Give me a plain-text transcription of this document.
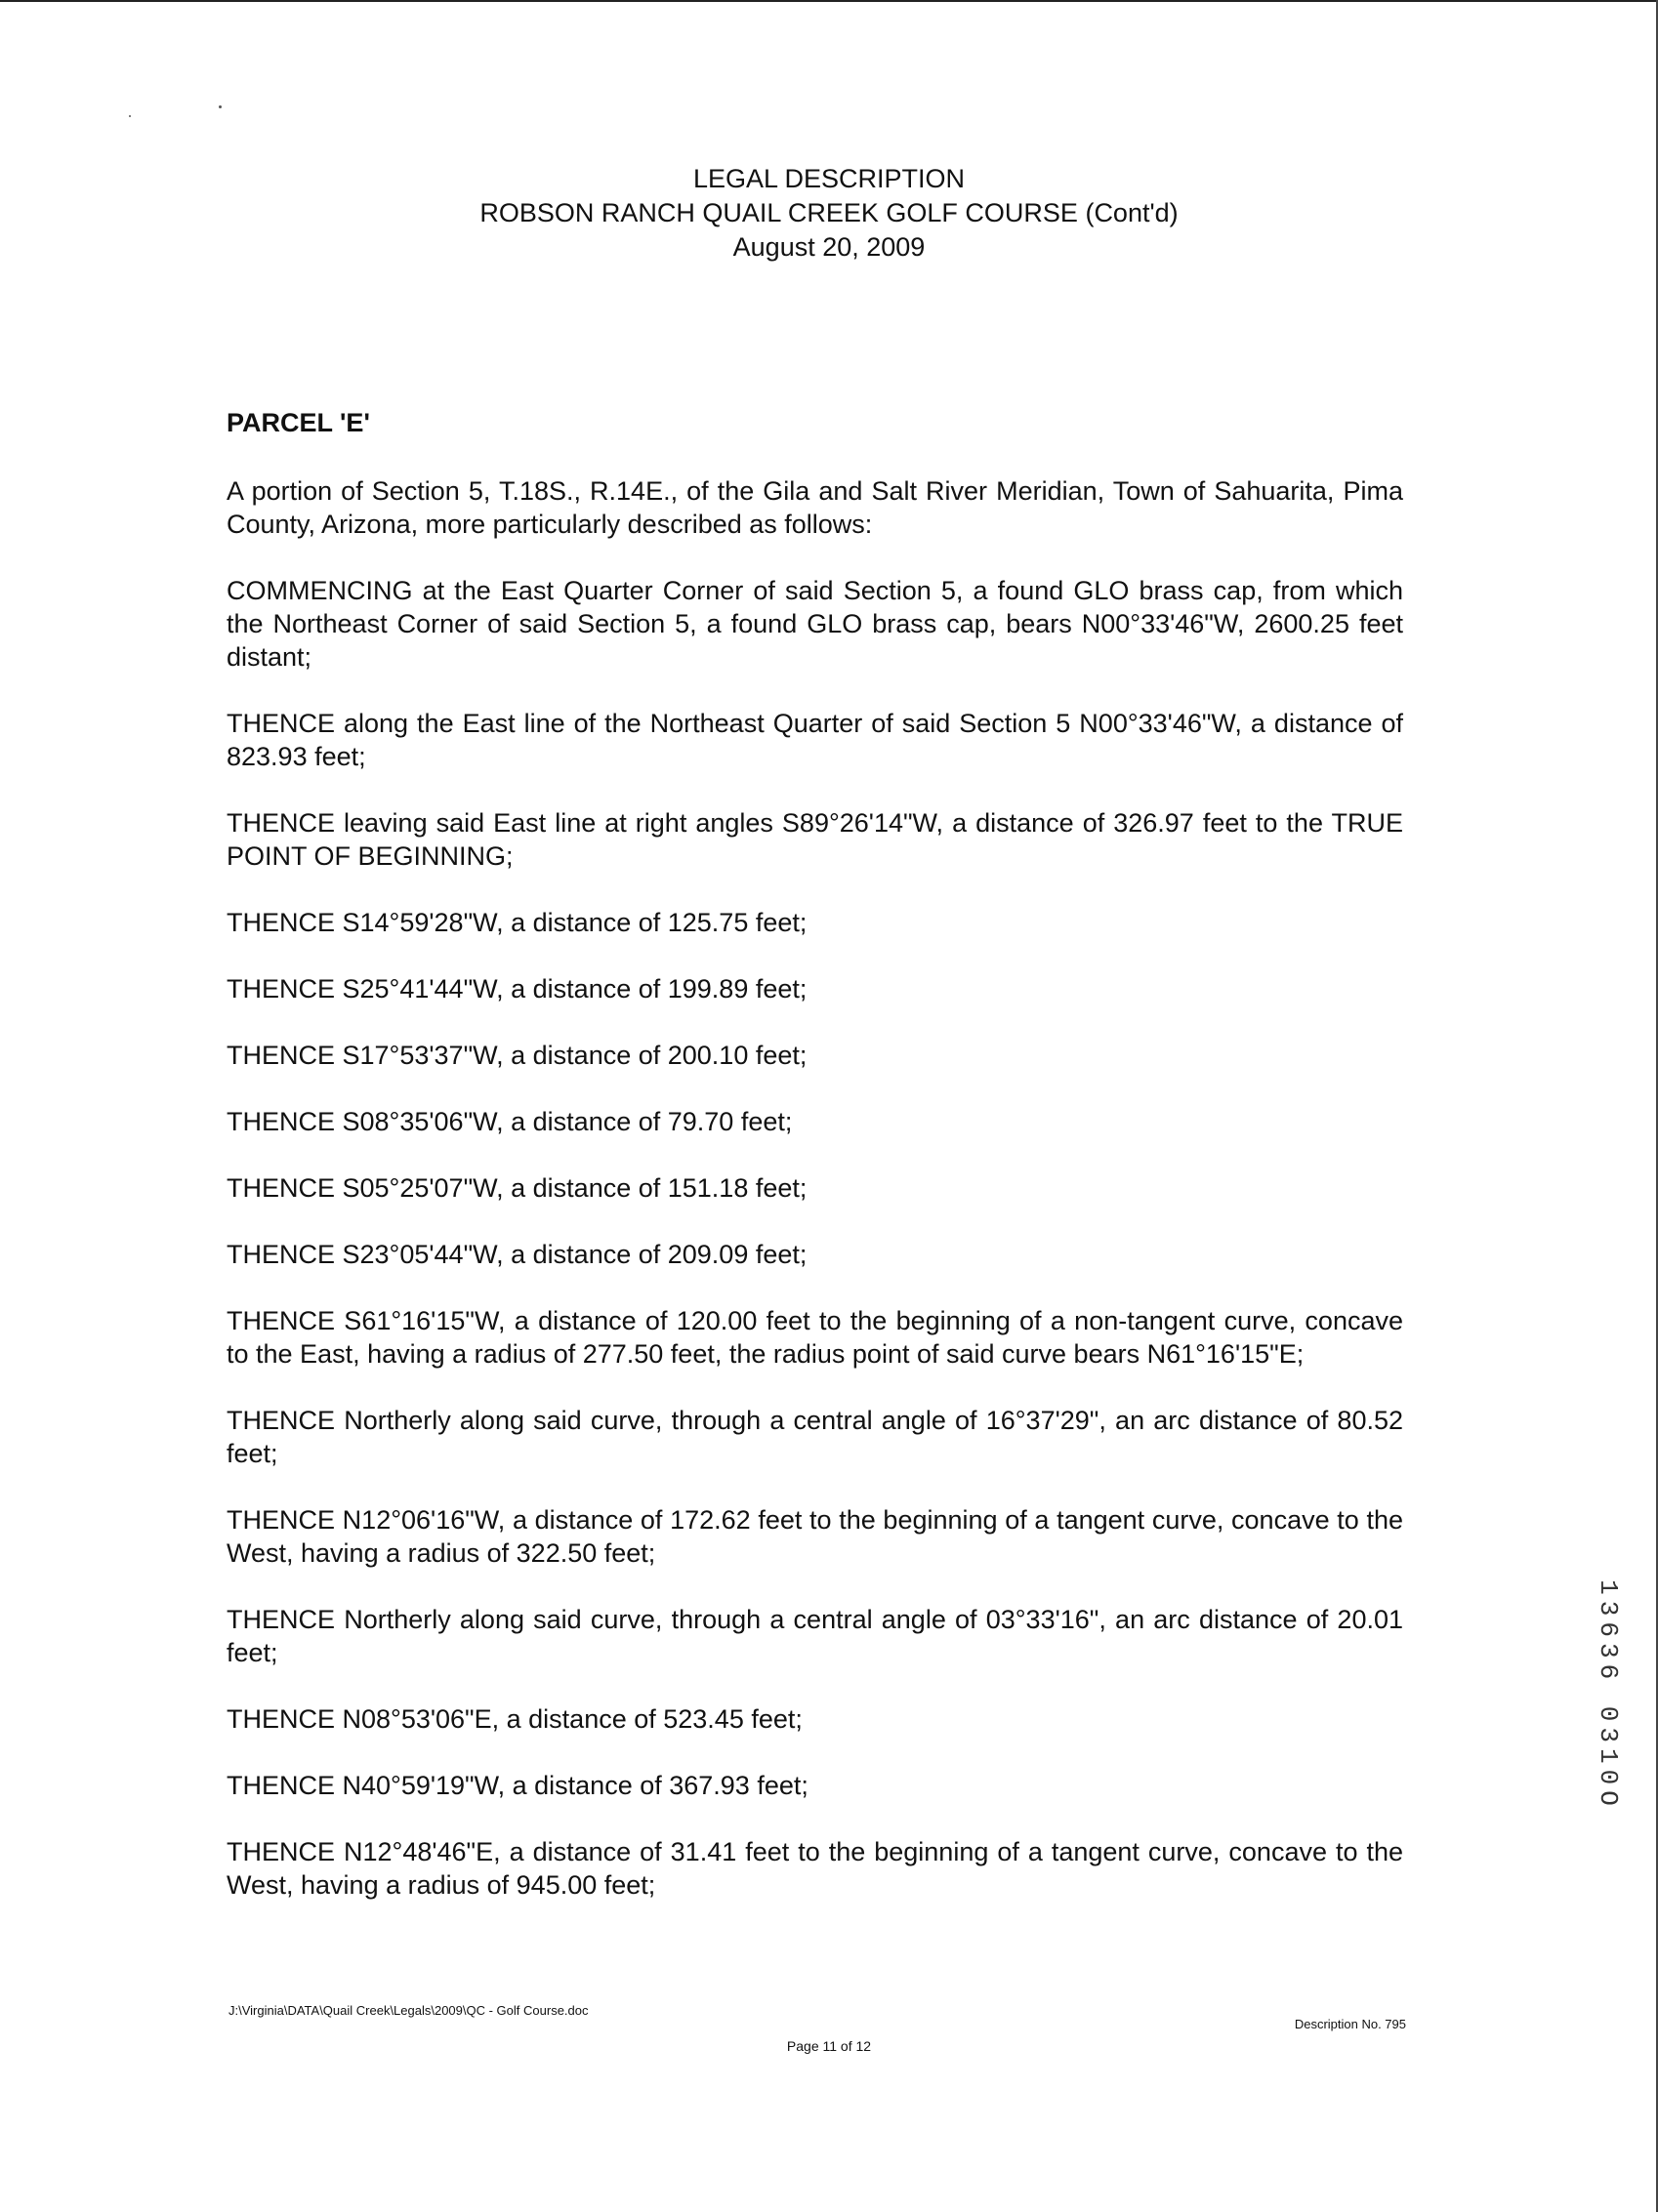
LEGAL DESCRIPTION
ROBSON RANCH QUAIL CREEK GOLF COURSE (Cont'd)
August 20, 2009
PARCEL 'E'

A portion of Section 5, T.18S., R.14E., of the Gila and Salt River Meridian, Town of Sahuarita, Pima County, Arizona, more particularly described as follows:

COMMENCING at the East Quarter Corner of said Section 5, a found GLO brass cap, from which the Northeast Corner of said Section 5, a found GLO brass cap, bears N00°33'46"W, 2600.25 feet distant;

THENCE along the East line of the Northeast Quarter of said Section 5 N00°33'46"W, a distance of 823.93 feet;

THENCE leaving said East line at right angles S89°26'14"W, a distance of 326.97 feet to the TRUE POINT OF BEGINNING;

THENCE S14°59'28"W, a distance of 125.75 feet;

THENCE S25°41'44"W, a distance of 199.89 feet;

THENCE S17°53'37"W, a distance of 200.10 feet;

THENCE S08°35'06"W, a distance of 79.70 feet;

THENCE S05°25'07"W, a distance of 151.18 feet;

THENCE S23°05'44"W, a distance of 209.09 feet;

THENCE S61°16'15"W, a distance of 120.00 feet to the beginning of a non-tangent curve, concave to the East, having a radius of 277.50 feet, the radius point of said curve bears N61°16'15"E;

THENCE Northerly along said curve, through a central angle of 16°37'29", an arc distance of 80.52 feet;

THENCE N12°06'16"W, a distance of 172.62 feet to the beginning of a tangent curve, concave to the West, having a radius of 322.50 feet;

THENCE Northerly along said curve, through a central angle of 03°33'16", an arc distance of 20.01 feet;

THENCE N08°53'06"E, a distance of 523.45 feet;

THENCE N40°59'19"W, a distance of 367.93 feet;

THENCE N12°48'46"E, a distance of 31.41 feet to the beginning of a tangent curve, concave to the West, having a radius of 945.00 feet;

J:\Virginia\DATA\Quail Creek\Legals\2009\QC - Golf Course.doc
Description No. 795
Page 11 of 12
13636 0310O
